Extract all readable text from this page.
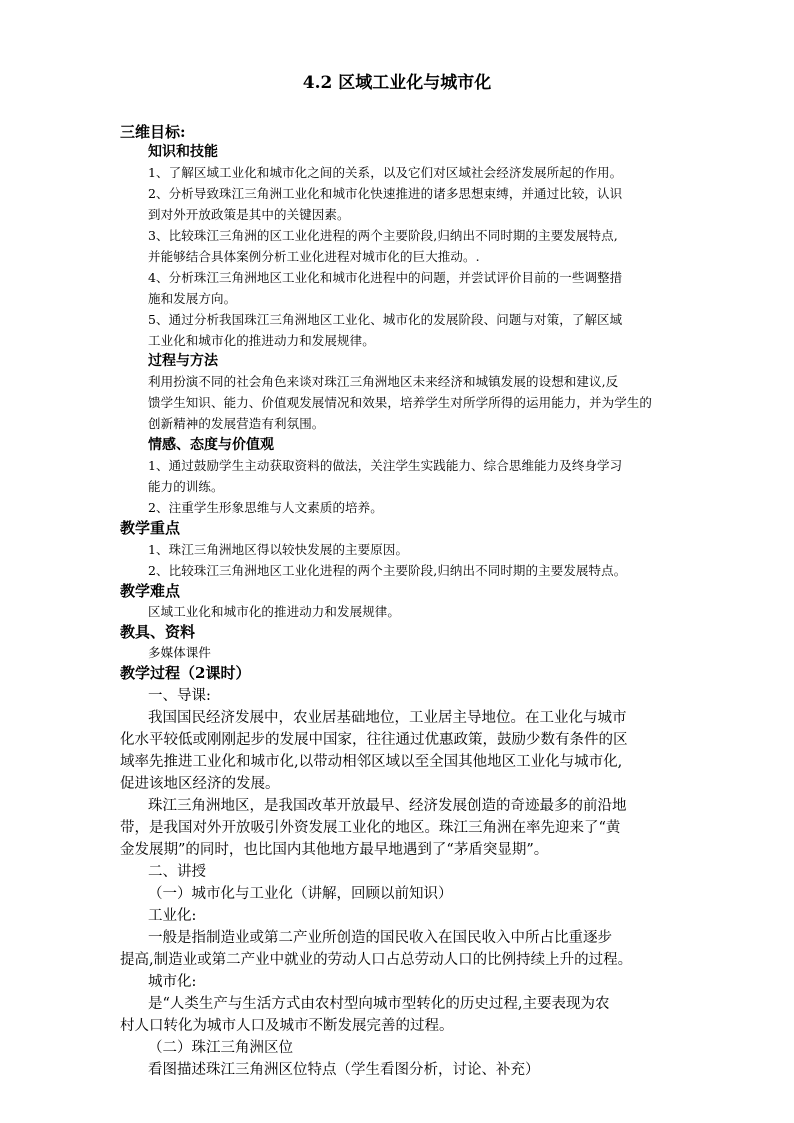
4.2 区域工业化与城市化
三维目标:
知识和技能
1、了解区域工业化和城市化之间的关系，以及它们对区域社会经济发展所起的作用。
2、分析导致珠江三角洲工业化和城市化快速推进的诸多思想束缚，并通过比较，认识
到对外开放政策是其中的关键因素。
3、比较珠江三角洲的区工业化进程的两个主要阶段,归纳出不同时期的主要发展特点,
并能够结合具体案例分析工业化进程对城市化的巨大推动。.
4、分析珠江三角洲地区工业化和城市化进程中的问题，并尝试评价目前的一些调整措
施和发展方向。
5、通过分析我国珠江三角洲地区工业化、城市化的发展阶段、问题与对策，了解区域
工业化和城市化的推进动力和发展规律。
过程与方法
利用扮演不同的社会角色来谈对珠江三角洲地区未来经济和城镇发展的设想和建议,反
馈学生知识、能力、价值观发展情况和效果，培养学生对所学所得的运用能力，并为学生的
创新精神的发展营造有利氛围。
情感、态度与价值观
1、通过鼓励学生主动获取资料的做法，关注学生实践能力、综合思维能力及终身学习
能力的训练。
2、注重学生形象思维与人文素质的培养。
教学重点
1、珠江三角洲地区得以较快发展的主要原因。
2、比较珠江三角洲地区工业化进程的两个主要阶段,归纳出不同时期的主要发展特点。
教学难点
区域工业化和城市化的推进动力和发展规律。
教具、资料
多媒体课件
教学过程（2课时）
一、导课:
我国国民经济发展中，农业居基础地位，工业居主导地位。在工业化与城市
化水平较低或刚刚起步的发展中国家，往往通过优惠政策，鼓励少数有条件的区
域率先推进工业化和城市化,以带动相邻区域以至全国其他地区工业化与城市化,
促进该地区经济的发展。
珠江三角洲地区，是我国改革开放最早、经济发展创造的奇迹最多的前沿地
带，是我国对外开放吸引外资发展工业化的地区。珠江三角洲在率先迎来了“黄
金发展期”的同时，也比国内其他地方最早地遇到了“茅盾突显期”。
二、讲授
（一）城市化与工业化（讲解，回顾以前知识）
工业化:
一般是指制造业或第二产业所创造的国民收入在国民收入中所占比重逐步
提高,制造业或第二产业中就业的劳动人口占总劳动人口的比例持续上升的过程。
城市化:
是“人类生产与生活方式由农村型向城市型转化的历史过程,主要表现为农
村人口转化为城市人口及城市不断发展完善的过程。
（二）珠江三角洲区位
看图描述珠江三角洲区位特点（学生看图分析，讨论、补充）
